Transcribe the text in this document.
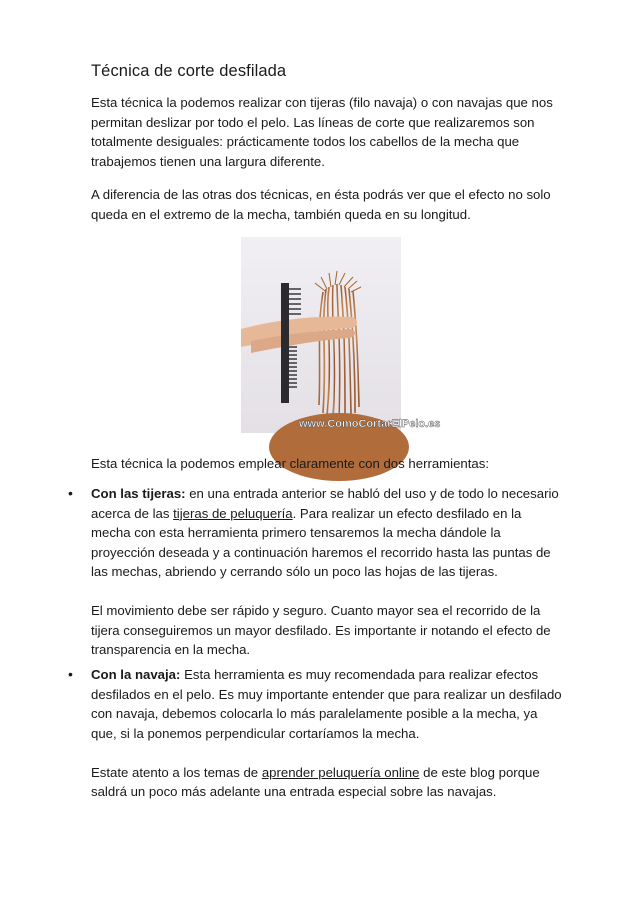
Técnica de corte desfilada

Esta técnica la podemos realizar con tijeras (filo navaja) o con navajas que nos permitan deslizar por todo el pelo. Las líneas de corte que realizaremos son totalmente desiguales: prácticamente todos los cabellos de la mecha que trabajemos tienen una largura diferente.

A diferencia de las otras dos técnicas, en ésta podrás ver que el efecto no solo queda en el extremo de la mecha, también queda en su longitud.

www.ComoCortarElPelo.es

Esta técnica la podemos emplear claramente con dos herramientas:

• Con las tijeras: en una entrada anterior se habló del uso y de todo lo necesario acerca de las tijeras de peluquería. Para realizar un efecto desfilado en la mecha con esta herramienta primero tensaremos la mecha dándole la proyección deseada y a continuación haremos el recorrido hasta las puntas de las mechas, abriendo y cerrando sólo un poco las hojas de las tijeras.

El movimiento debe ser rápido y seguro. Cuanto mayor sea el recorrido de la tijera conseguiremos un mayor desfilado. Es importante ir notando el efecto de transparencia en la mecha.

• Con la navaja: Esta herramienta es muy recomendada para realizar efectos desfilados en el pelo. Es muy importante entender que para realizar un desfilado con navaja, debemos colocarla lo más paralelamente posible a la mecha, ya que, si la ponemos perpendicular cortaríamos la mecha.

Estate atento a los temas de aprender peluquería online de este blog porque saldrá un poco más adelante una entrada especial sobre las navajas.
